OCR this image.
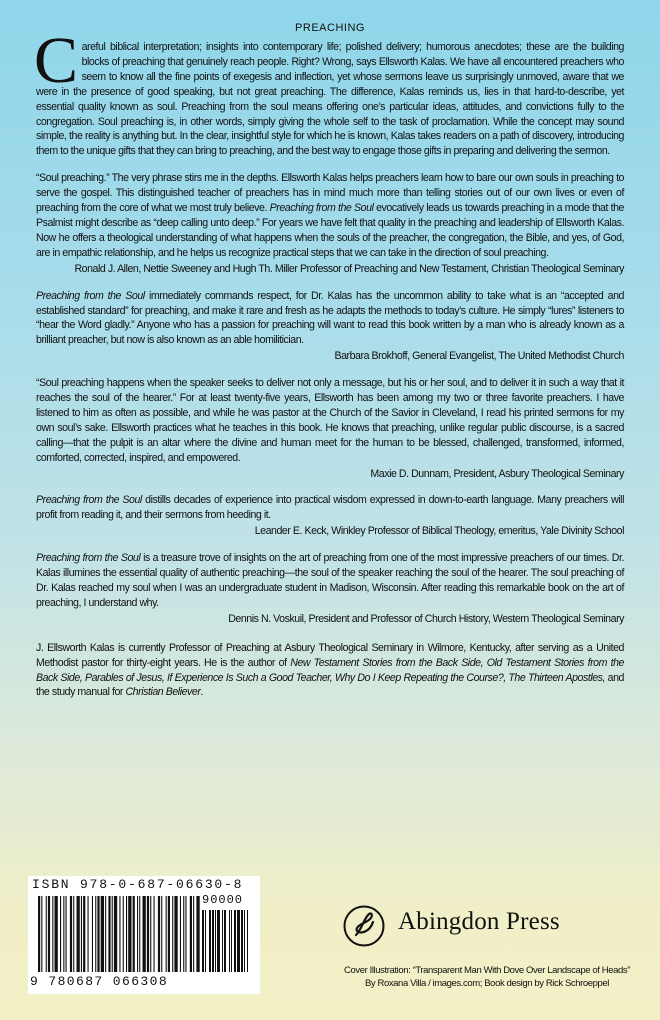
PREACHING

Careful biblical interpretation; insights into contemporary life; polished delivery; humorous anecdotes; these are the building blocks of preaching that genuinely reach people. Right? Wrong, says Ellsworth Kalas. We have all encountered preachers who seem to know all the fine points of exegesis and inflection, yet whose sermons leave us surprisingly unmoved, aware that we were in the presence of good speaking, but not great preaching. The difference, Kalas reminds us, lies in that hard-to-describe, yet essential quality known as soul. Preaching from the soul means offering one’s particular ideas, attitudes, and convictions fully to the congregation. Soul preaching is, in other words, simply giving the whole self to the task of proclamation. While the concept may sound simple, the reality is anything but. In the clear, insightful style for which he is known, Kalas takes readers on a path of discovery, introducing them to the unique gifts that they can bring to preaching, and the best way to engage those gifts in preparing and delivering the sermon.

“Soul preaching.” The very phrase stirs me in the depths. Ellsworth Kalas helps preachers learn how to bare our own souls in preaching to serve the gospel. This distinguished teacher of preachers has in mind much more than telling stories out of our own lives or even of preaching from the core of what we most truly believe. Preaching from the Soul evocatively leads us towards preaching in a mode that the Psalmist might describe as “deep calling unto deep.” For years we have felt that quality in the preaching and leadership of Ellsworth Kalas. Now he offers a theological understanding of what happens when the souls of the preacher, the congregation, the Bible, and yes, of God, are in empathic relationship, and he helps us recognize practical steps that we can take in the direction of soul preaching.

Ronald J. Allen, Nettie Sweeney and Hugh Th. Miller Professor of Preaching and New Testament, Christian Theological Seminary

Preaching from the Soul immediately commands respect, for Dr. Kalas has the uncommon ability to take what is an “accepted and established standard” for preaching, and make it rare and fresh as he adapts the methods to today’s culture. He simply “lures” listeners to “hear the Word gladly.” Anyone who has a passion for preaching will want to read this book written by a man who is already known as a brilliant preacher, but now is also known as an able homilitician.

Barbara Brokhoff, General Evangelist, The United Methodist Church

“Soul preaching happens when the speaker seeks to deliver not only a message, but his or her soul, and to deliver it in such a way that it reaches the soul of the hearer.” For at least twenty-five years, Ellsworth has been among my two or three favorite preachers. I have listened to him as often as possible, and while he was pastor at the Church of the Savior in Cleveland, I read his printed sermons for my own soul’s sake. Ellsworth practices what he teaches in this book. He knows that preaching, unlike regular public discourse, is a sacred calling—that the pulpit is an altar where the divine and human meet for the human to be blessed, challenged, transformed, informed, comforted, corrected, inspired, and empowered.

Maxie D. Dunnam, President, Asbury Theological Seminary

Preaching from the Soul distills decades of experience into practical wisdom expressed in down-to-earth language. Many preachers will profit from reading it, and their sermons from heeding it.

Leander E. Keck, Winkley Professor of Biblical Theology, emeritus, Yale Divinity School

Preaching from the Soul is a treasure trove of insights on the art of preaching from one of the most impressive preachers of our times. Dr. Kalas illumines the essential quality of authentic preaching—the soul of the speaker reaching the soul of the hearer. The soul preaching of Dr. Kalas reached my soul when I was an undergraduate student in Madison, Wisconsin. After reading this remarkable book on the art of preaching, I understand why.

Dennis N. Voskuil, President and Professor of Church History, Western Theological Seminary

J. Ellsworth Kalas is currently Professor of Preaching at Asbury Theological Seminary in Wilmore, Kentucky, after serving as a United Methodist pastor for thirty-eight years. He is the author of New Testament Stories from the Back Side, Old Testament Stories from the Back Side, Parables of Jesus, If Experience Is Such a Good Teacher, Why Do I Keep Repeating the Course?, The Thirteen Apostles, and the study manual for Christian Believer.

ISBN 978-0-687-06630-8
90000
9 780687 066308
Abingdon Press
Cover Illustration: “Transparent Man With Dove Over Landscape of Heads”
By Roxana Villa / images.com; Book design by Rick Schroeppel
